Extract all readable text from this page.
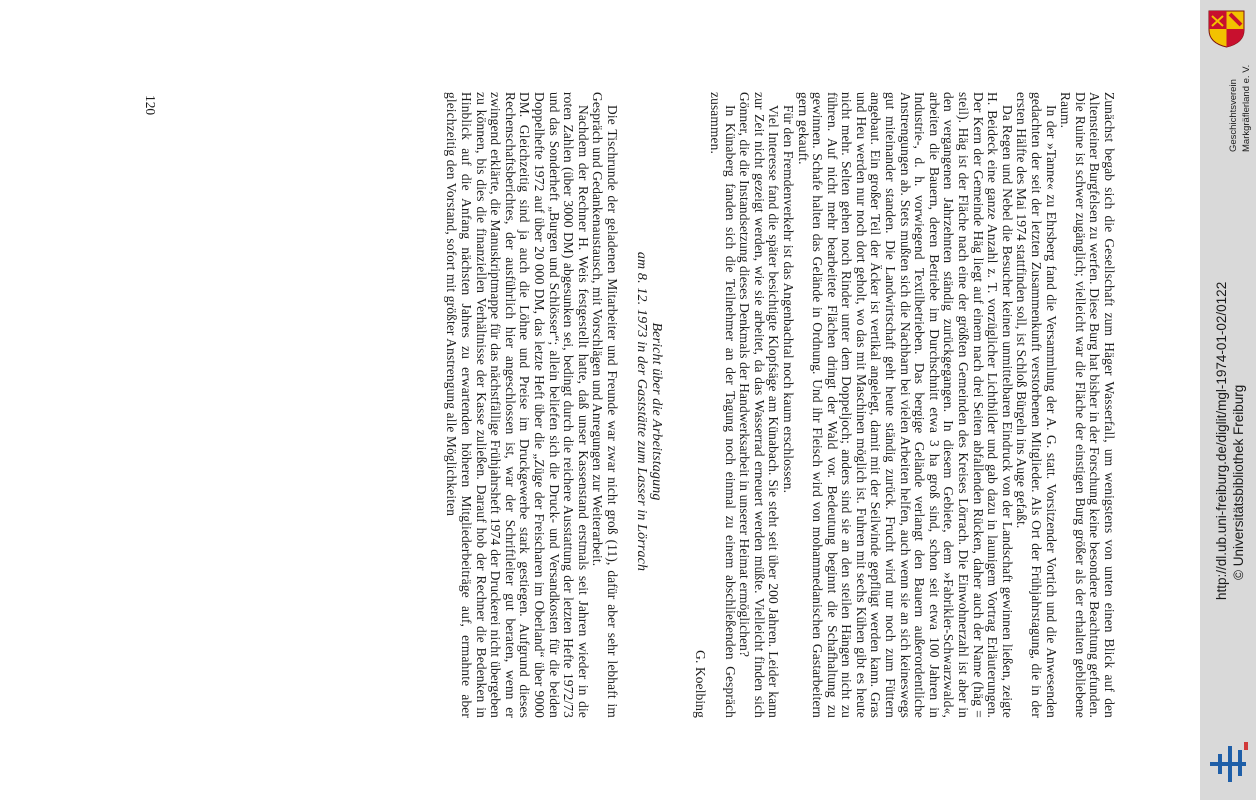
Zunächst begab sich die Gesellschaft zum Häger Wasserfall, um wenigstens von unten einen Blick auf den Altensteiner Burgfelsen zu werfen. Diese Burg hat bisher in der Forschung keine besondere Beachtung gefunden. Die Ruine ist schwer zugänglich; vielleicht war die Fläche der einstigen Burg größer als der erhalten gebliebene Raum.

In der »Tanne« zu Ehrsberg fand die Versammlung der A. G. statt. Vorsitzender Vortich und die Anwesenden gedachten der seit der letzten Zusammenkunft verstorbenen Mitglieder. Als Ort der Frühjahrstagung, die in der ersten Hälfte des Mai 1974 stattfinden soll, ist Schloß Bürgeln ins Auge gefaßt.

Da Regen und Nebel die Besucher keinen unmittelbaren Eindruck von der Landschaft gewinnen ließen, zeigte H. Beideck eine ganze Anzahl z. T. vorzüglicher Lichtbilder und gab dazu in launigem Vortrag Erläuterungen. Der Kern der Gemeinde Häg liegt auf einem nach drei Seiten abfallenden Rücken, daher auch der Name (häg = steil). Häg ist der Fläche nach eine der größten Gemeinden des Kreises Lörrach. Die Einwohnerzahl ist aber in den vergangenen Jahrzehnten ständig zurückgegangen. In diesem Gebiete, dem »Fabrikler-Schwarzwald«, arbeiten die Bauern, deren Betriebe im Durchschnitt etwa 3 ha groß sind, schon seit etwa 100 Jahren in Industrie-, d. h. vorwiegend Textilbetrieben. Das bergige Gelände verlangt den Bauern außerordentliche Anstrengungen ab. Stets mußten sich die Nachbarn bei vielen Arbeiten helfen, auch wenn sie an sich keineswegs gut miteinander standen. Die Landwirtschaft geht heute ständig zurück. Frucht wird nur noch zum Füttern angebaut. Ein großer Teil der Äcker ist vertikal angelegt, damit mit der Seilwinde gepflügt werden kann. Gras und Heu werden nur noch dort geholt, wo das mit Maschinen möglich ist. Fuhren mit sechs Kühen gibt es heute nicht mehr. Selten gehen noch Rinder unter dem Doppeljoch; anders sind sie an den steilen Hängen nicht zu führen. Auf nicht mehr bearbeitete Flächen dringt der Wald vor. Bedeutung beginnt die Schafhaltung zu gewinnen. Schafe halten das Gelände in Ordnung. Und ihr Fleisch wird von mohammedanischen Gastarbeitern gern gekauft.

Für den Fremdenverkehr ist das Angenbachtal noch kaum erschlossen.

Viel Interesse fand die später besichtigte Klopfsäge am Künabach. Sie steht seit über 200 Jahren. Leider kann zur Zeit nicht gezeigt werden, wie sie arbeitet, da das Wasserrad erneuert werden müßte. Vielleicht finden sich Gönner, die die Instandsetzung dieses Denkmals der Handwerksarbeit in unserer Heimat ermöglichen?

In Künaberg fanden sich die Teilnehmer an der Tagung noch einmal zu einem abschließenden Gespräch zusammen.

G. Koelbing

Bericht über die Arbeitstagung

am 8. 12. 1973 in der Gaststätte zum Lasser in Lörrach

Die Tischrunde der geladenen Mitarbeiter und Freunde war zwar nicht groß (11), dafür aber sehr lebhaft im Gespräch und Gedankenaustausch, mit Vorschlägen und Anregungen zur Weiterarbeit.

Nachdem der Rechner H. Weis festgestellt hatte, daß unser Kassenstand erstmals seit Jahren wieder in die roten Zahlen (über 3000 DM) abgesunken sei, bedingt durch die reichere Ausstattung der letzten Hefte 1972/73 und das Sonderheft „Burgen und Schlösser“; allein beliefen sich die Druck- und Versandkosten für die beiden Doppelhefte 1972 auf über 20 000 DM, das letzte Heft über die „Züge der Freischaren im Oberland“ über 9000 DM. Gleichzeitig sind ja auch die Löhne und Preise im Druckgewerbe stark gestiegen. Aufgrund dieses Rechenschaftsberichtes, der ausführlich hier angeschlossen ist, war der Schriftleiter gut beraten, wenn er zwingend erklärte, die Manuskriptmappe für das nächstfällige Frühjahrsheft 1974 der Druckerei nicht übergeben zu können, bis dies die finanziellen Verhältnisse der Kasse zuließen. Darauf hob der Rechner die Bedenken in Hinblick auf die Anfang nächsten Jahres zu erwartenden höheren Mitgliederbeiträge auf, ermahnte aber gleichzeitig den Vorstand, sofort mit größter Anstrengung alle Möglichkeiten

120	Geschichtsverein Markgräflerland e. V.
http://dl.ub.uni-freiburg.de/diglit/mgl-1974-01-02/0122 © Universitätsbibliothek Freiburg
